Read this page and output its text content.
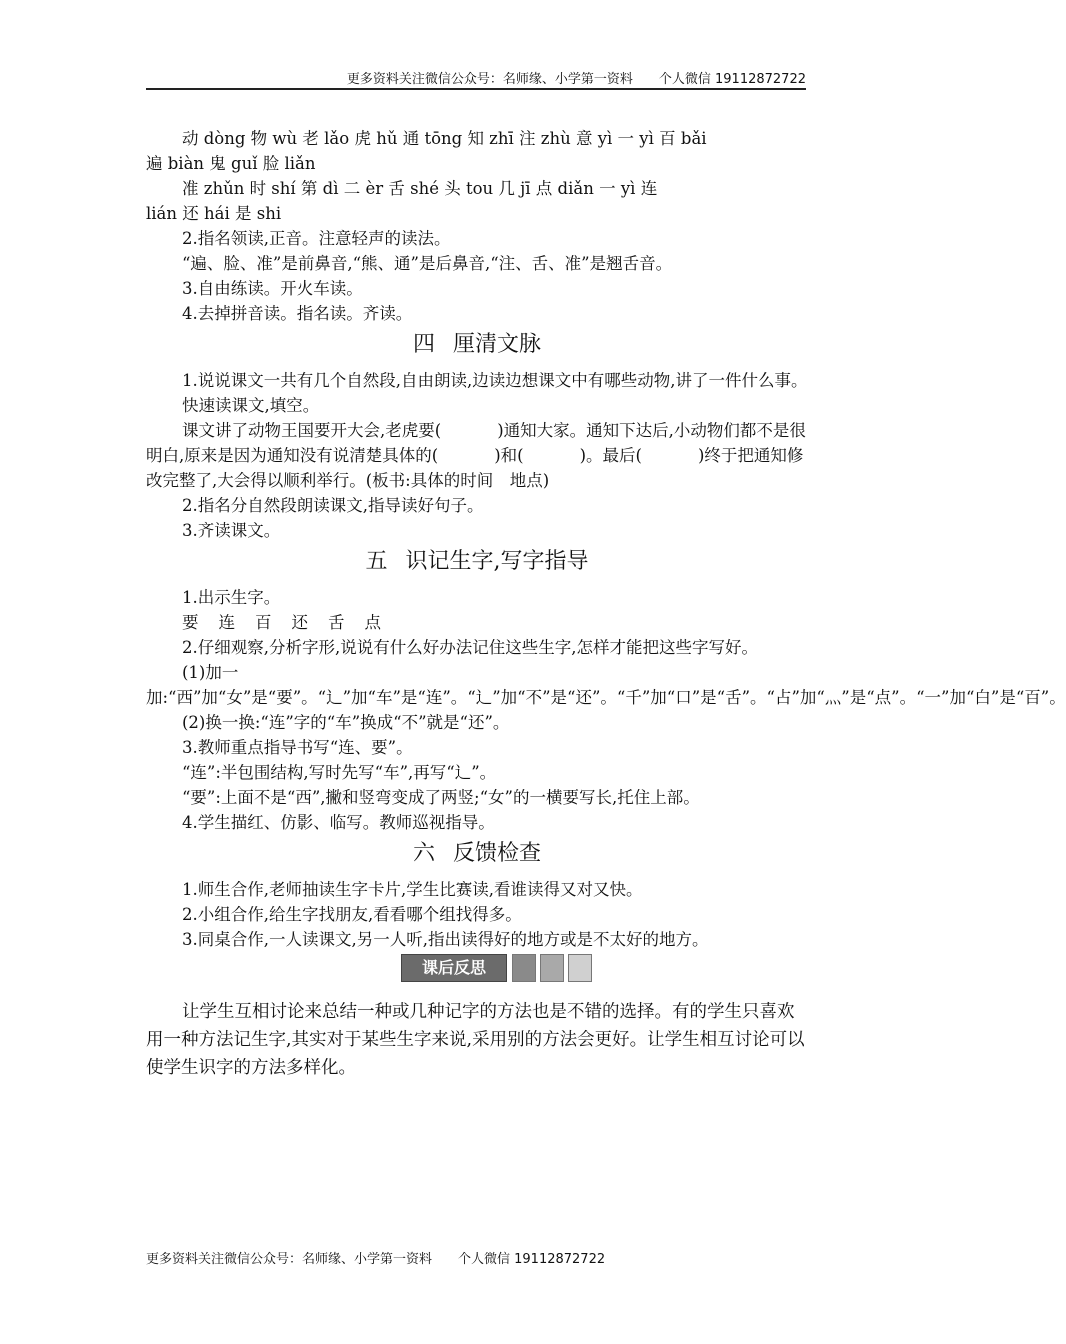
更多资料关注微信公众号：名师缘、小学第一资料　　个人微信 19112872722

动 dòng 物 wù 老 lǎo 虎 hǔ 通 tōng 知 zhī 注 zhù 意 yì 一 yì 百 bǎi

遍 biàn 鬼 guǐ 脸 liǎn

准 zhǔn 时 shí 第 dì 二 èr 舌 shé 头 tou 几 jī 点 diǎn 一 yì 连

lián 还 hái 是 shi

2.指名领读,正音。注意轻声的读法。

“遍、脸、准”是前鼻音,“熊、通”是后鼻音,“注、舌、准”是翘舌音。

3.自由练读。开火车读。

4.去掉拼音读。指名读。齐读。

四 厘清文脉

1.说说课文一共有几个自然段,自由朗读,边读边想课文中有哪些动物,讲了一件什么事。

快速读课文,填空。

课文讲了动物王国要开大会,老虎要(	)通知大家。通知下达后,小动物们都不是很明白,原来是因为通知没有说清楚具体的(	)和(	)。最后(	)终于把通知修改完整了,大会得以顺利举行。(板书:具体的时间　地点)

2.指名分自然段朗读课文,指导读好句子。

3.齐读课文。

五 识记生字,写字指导

1.出示生字。

要 连 百 还 舌 点

2.仔细观察,分析字形,说说有什么好办法记住这些生字,怎样才能把这些字写好。

(1)加一加:“西”加“女”是“要”。“辶”加“车”是“连”。“辶”加“不”是“还”。“千”加“口”是“舌”。“占”加“灬”是“点”。“一”加“白”是“百”。

(2)换一换:“连”字的“车”换成“不”就是“还”。

3.教师重点指导书写“连、要”。

“连”:半包围结构,写时先写“车”,再写“辶”。

“要”:上面不是“西”,撇和竖弯变成了两竖;“女”的一横要写长,托住上部。

4.学生描红、仿影、临写。教师巡视指导。

六 反馈检查

1.师生合作,老师抽读生字卡片,学生比赛读,看谁读得又对又快。

2.小组合作,给生字找朋友,看看哪个组找得多。

3.同桌合作,一人读课文,另一人听,指出读得好的地方或是不太好的地方。

课后反思

让学生互相讨论来总结一种或几种记字的方法也是不错的选择。有的学生只喜欢用一种方法记生字,其实对于某些生字来说,采用别的方法会更好。让学生相互讨论可以使学生识字的方法多样化。

更多资料关注微信公众号：名师缘、小学第一资料　　个人微信 19112872722
